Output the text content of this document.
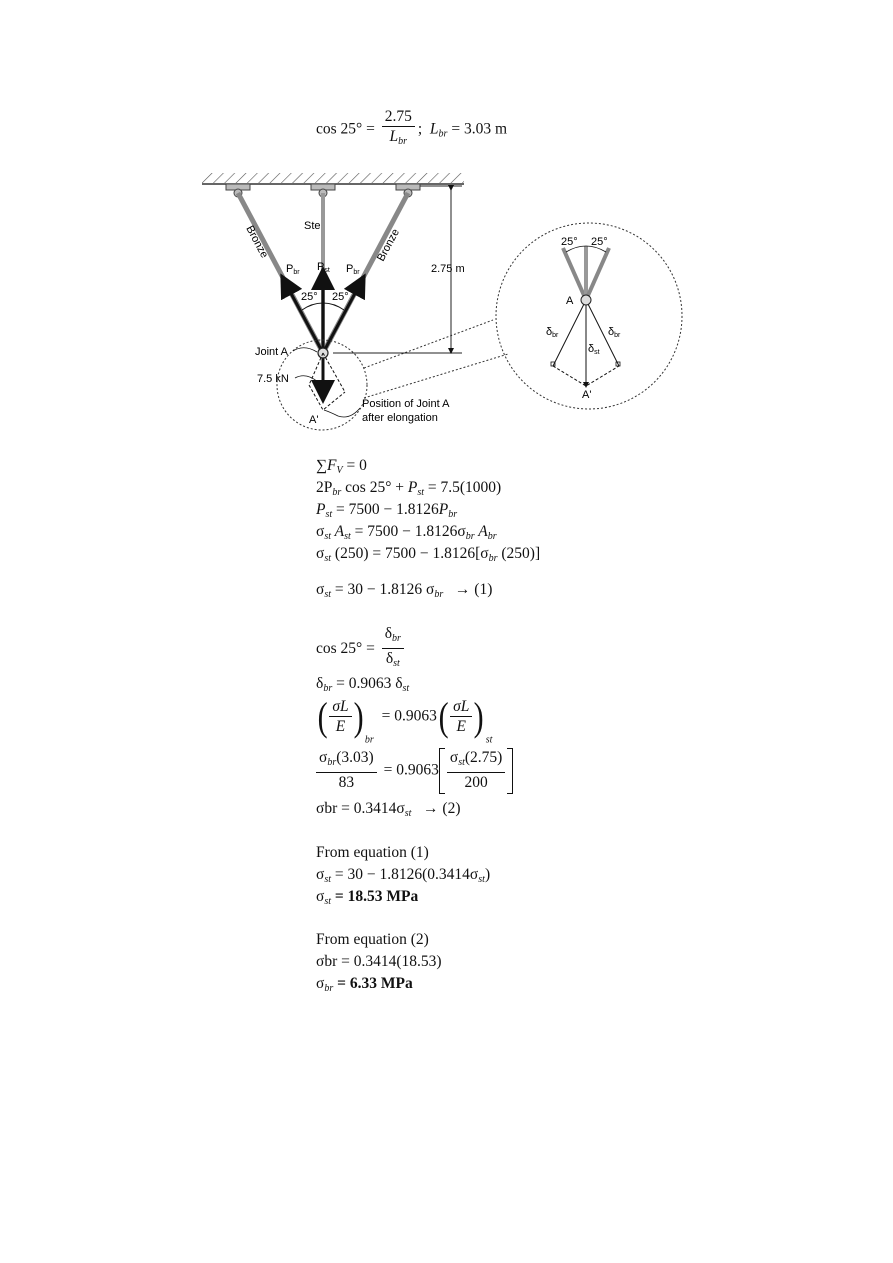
$\cos 25^\circ = \frac{2.75}{L_{br}}$ ; $L_{br} = 3.03$ m
Bronze	Bronze
Ste
Pbr Pst Pbr
25° 25°
2.75 m
Joint A
7.5 kN
Position of Joint A
after elongation
A'
25° 25°
A
δbr
δst
δbr
A'
$\sum F_V = 0$
$2P_{br}$ $\cos 25^\circ + P_{st} = 7.5(1000)$
$P_{st} = 7500 - 1.8126P_{br}$
$\sigma_{st}$ $A_{st} = 7500 - 1.8126\sigma_{br}$ $A_{br}$
$\sigma_{st}$ $(250) = 7500 - 1.8126[\sigma_{br}$ (250)]
$\sigma_{st} = 30 - 1.8126$ $\sigma_{br} \to (1)$
$\cos 25^\circ = \frac{\delta_{br}}{\delta_{st}}$
$\delta_{br} = 0.9063$ $\delta_{st}$
( $\frac{\sigma L}{E} )_{br} = 0.9063( \frac{\sigma L}{E} )_{st}$
$\frac{\sigma_{br}(3.03)}{83} = 0.9063 \frac{\sigma_{st}(2.75)}{200}$
$\sigma br = 0.3414\sigma_{st} \to (2)$
From equation (1)
$\sigma_{st} = 30 - 1.8126(0.3414\sigma_{st})$
$\sigma_{st} = 18.53$ MPa
From equation (2)
σbr = 0.3414(18.53)
$\sigma_{br} = 6.33$ MPa
